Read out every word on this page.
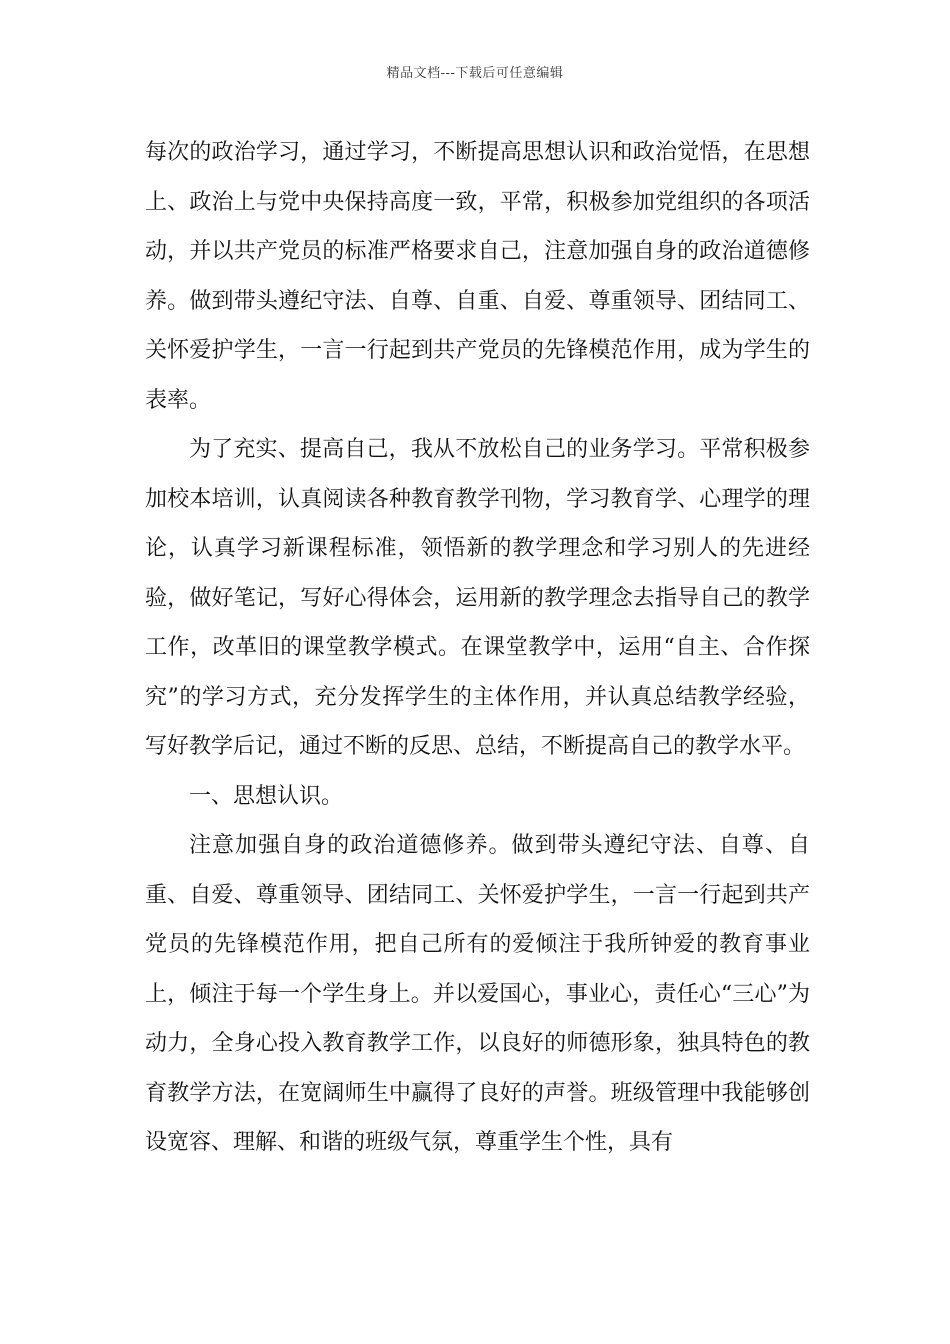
精品文档---下载后可任意编辑

每次的政治学习，通过学习，不断提高思想认识和政治觉悟，在思想上、政治上与党中央保持高度一致，平常，积极参加党组织的各项活动，并以共产党员的标准严格要求自己，注意加强自身的政治道德修养。做到带头遵纪守法、自尊、自重、自爱、尊重领导、团结同工、关怀爱护学生，一言一行起到共产党员的先锋模范作用，成为学生的表率。

为了充实、提高自己，我从不放松自己的业务学习。平常积极参加校本培训，认真阅读各种教育教学刊物，学习教育学、心理学的理论，认真学习新课程标准，领悟新的教学理念和学习别人的先进经验，做好笔记，写好心得体会，运用新的教学理念去指导自己的教学工作，改革旧的课堂教学模式。在课堂教学中，运用“自主、合作探究”的学习方式，充分发挥学生的主体作用，并认真总结教学经验，写好教学后记，通过不断的反思、总结，不断提高自己的教学水平。

一、思想认识。

注意加强自身的政治道德修养。做到带头遵纪守法、自尊、自重、自爱、尊重领导、团结同工、关怀爱护学生，一言一行起到共产党员的先锋模范作用，把自己所有的爱倾注于我所钟爱的教育事业上，倾注于每一个学生身上。并以爱国心，事业心，责任心“三心”为动力，全身心投入教育教学工作，以良好的师德形象，独具特色的教育教学方法，在宽阔师生中赢得了良好的声誉。班级管理中我能够创设宽容、理解、和谐的班级气氛，尊重学生个性，具有
